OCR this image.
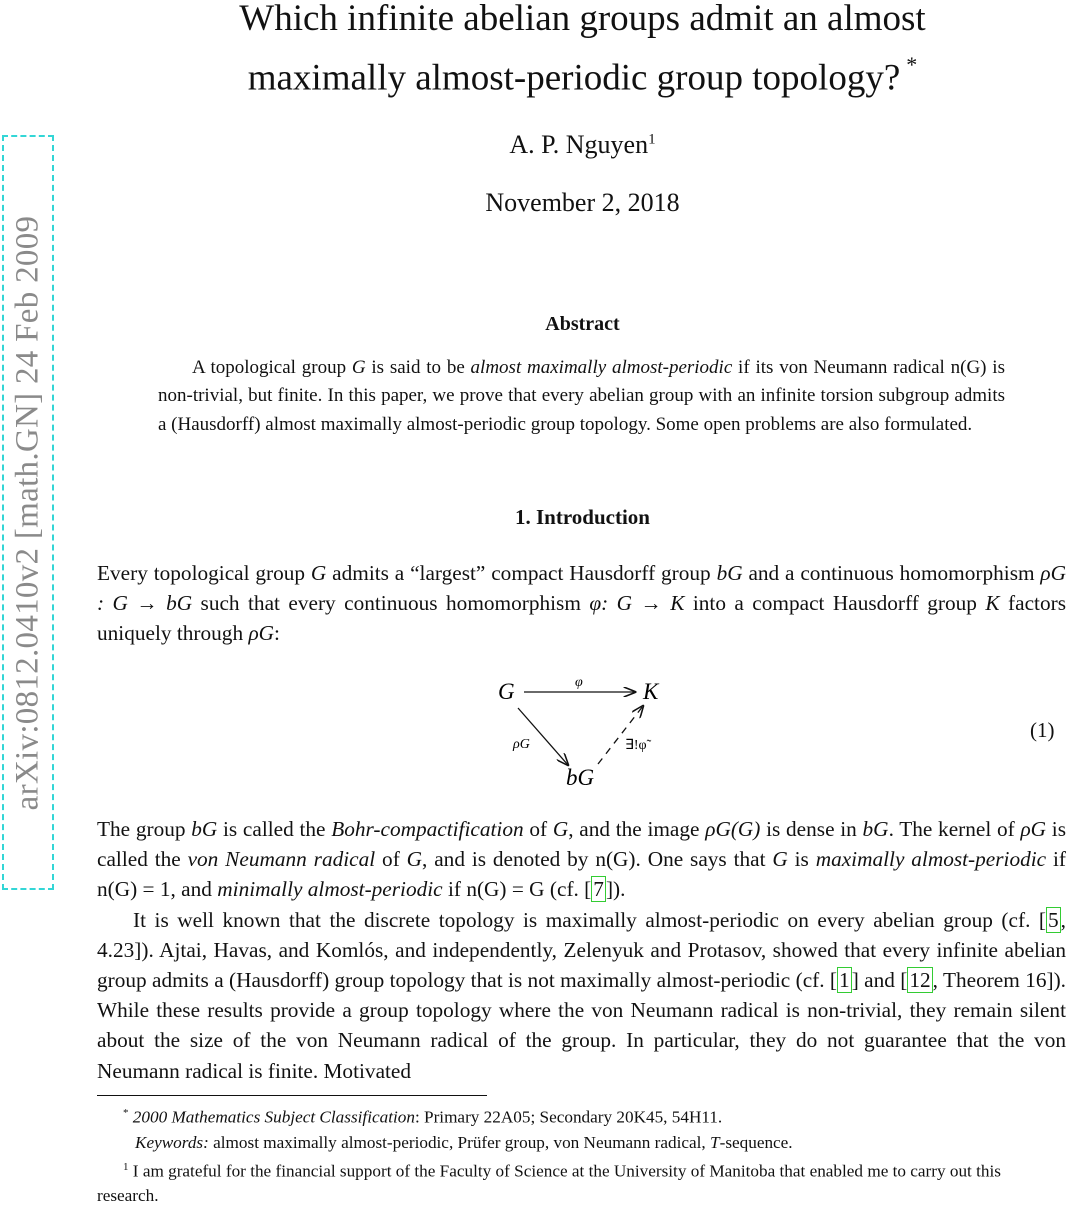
arXiv:0812.0410v2 [math.GN] 24 Feb 2009
Which infinite abelian groups admit an almost
maximally almost-periodic group topology? *
A. P. Nguyen$^1$
November 2, 2018
Abstract

A topological group G is said to be almost maximally almost-periodic if its von Neumann radical n(G) is non-trivial, but finite. In this paper, we prove that every abelian group with an infinite torsion subgroup admits a (Hausdorff) almost maximally almost-periodic group topology. Some open problems are also formulated.

1. Introduction

Every topological group G admits a “largest” compact Hausdorff group bG and a continuous homomorphism ρG : G → bG such that every continuous homomorphism φ: G → K into a compact Hausdorff group K factors uniquely through ρG:

G	K
bG
φ
ρG	∃!φ̃
(1)

The group bG is called the Bohr-compactification of G, and the image ρG(G) is dense in bG. The kernel of ρG is called the von Neumann radical of G, and is denoted by n(G). One says that G is maximally almost-periodic if n(G) = 1, and minimally almost-periodic if n(G) = G (cf. [7]).
It is well known that the discrete topology is maximally almost-periodic on every abelian group (cf. [5, 4.23]). Ajtai, Havas, and Komlós, and independently, Zelenyuk and Protasov, showed that every infinite abelian group admits a (Hausdorff) group topology that is not maximally almost-periodic (cf. [1] and [12, Theorem 16]). While these results provide a group topology where the von Neumann radical is non-trivial, they remain silent about the size of the von Neumann radical of the group. In particular, they do not guarantee that the von Neumann radical is finite. Motivated

* 2000 Mathematics Subject Classification: Primary 22A05; Secondary 20K45, 54H11.

Keywords: almost maximally almost-periodic, Prüfer group, von Neumann radical, T-sequence.

$^1$ I am grateful for the financial support of the Faculty of Science at the University of Manitoba that enabled me to carry out this research.
